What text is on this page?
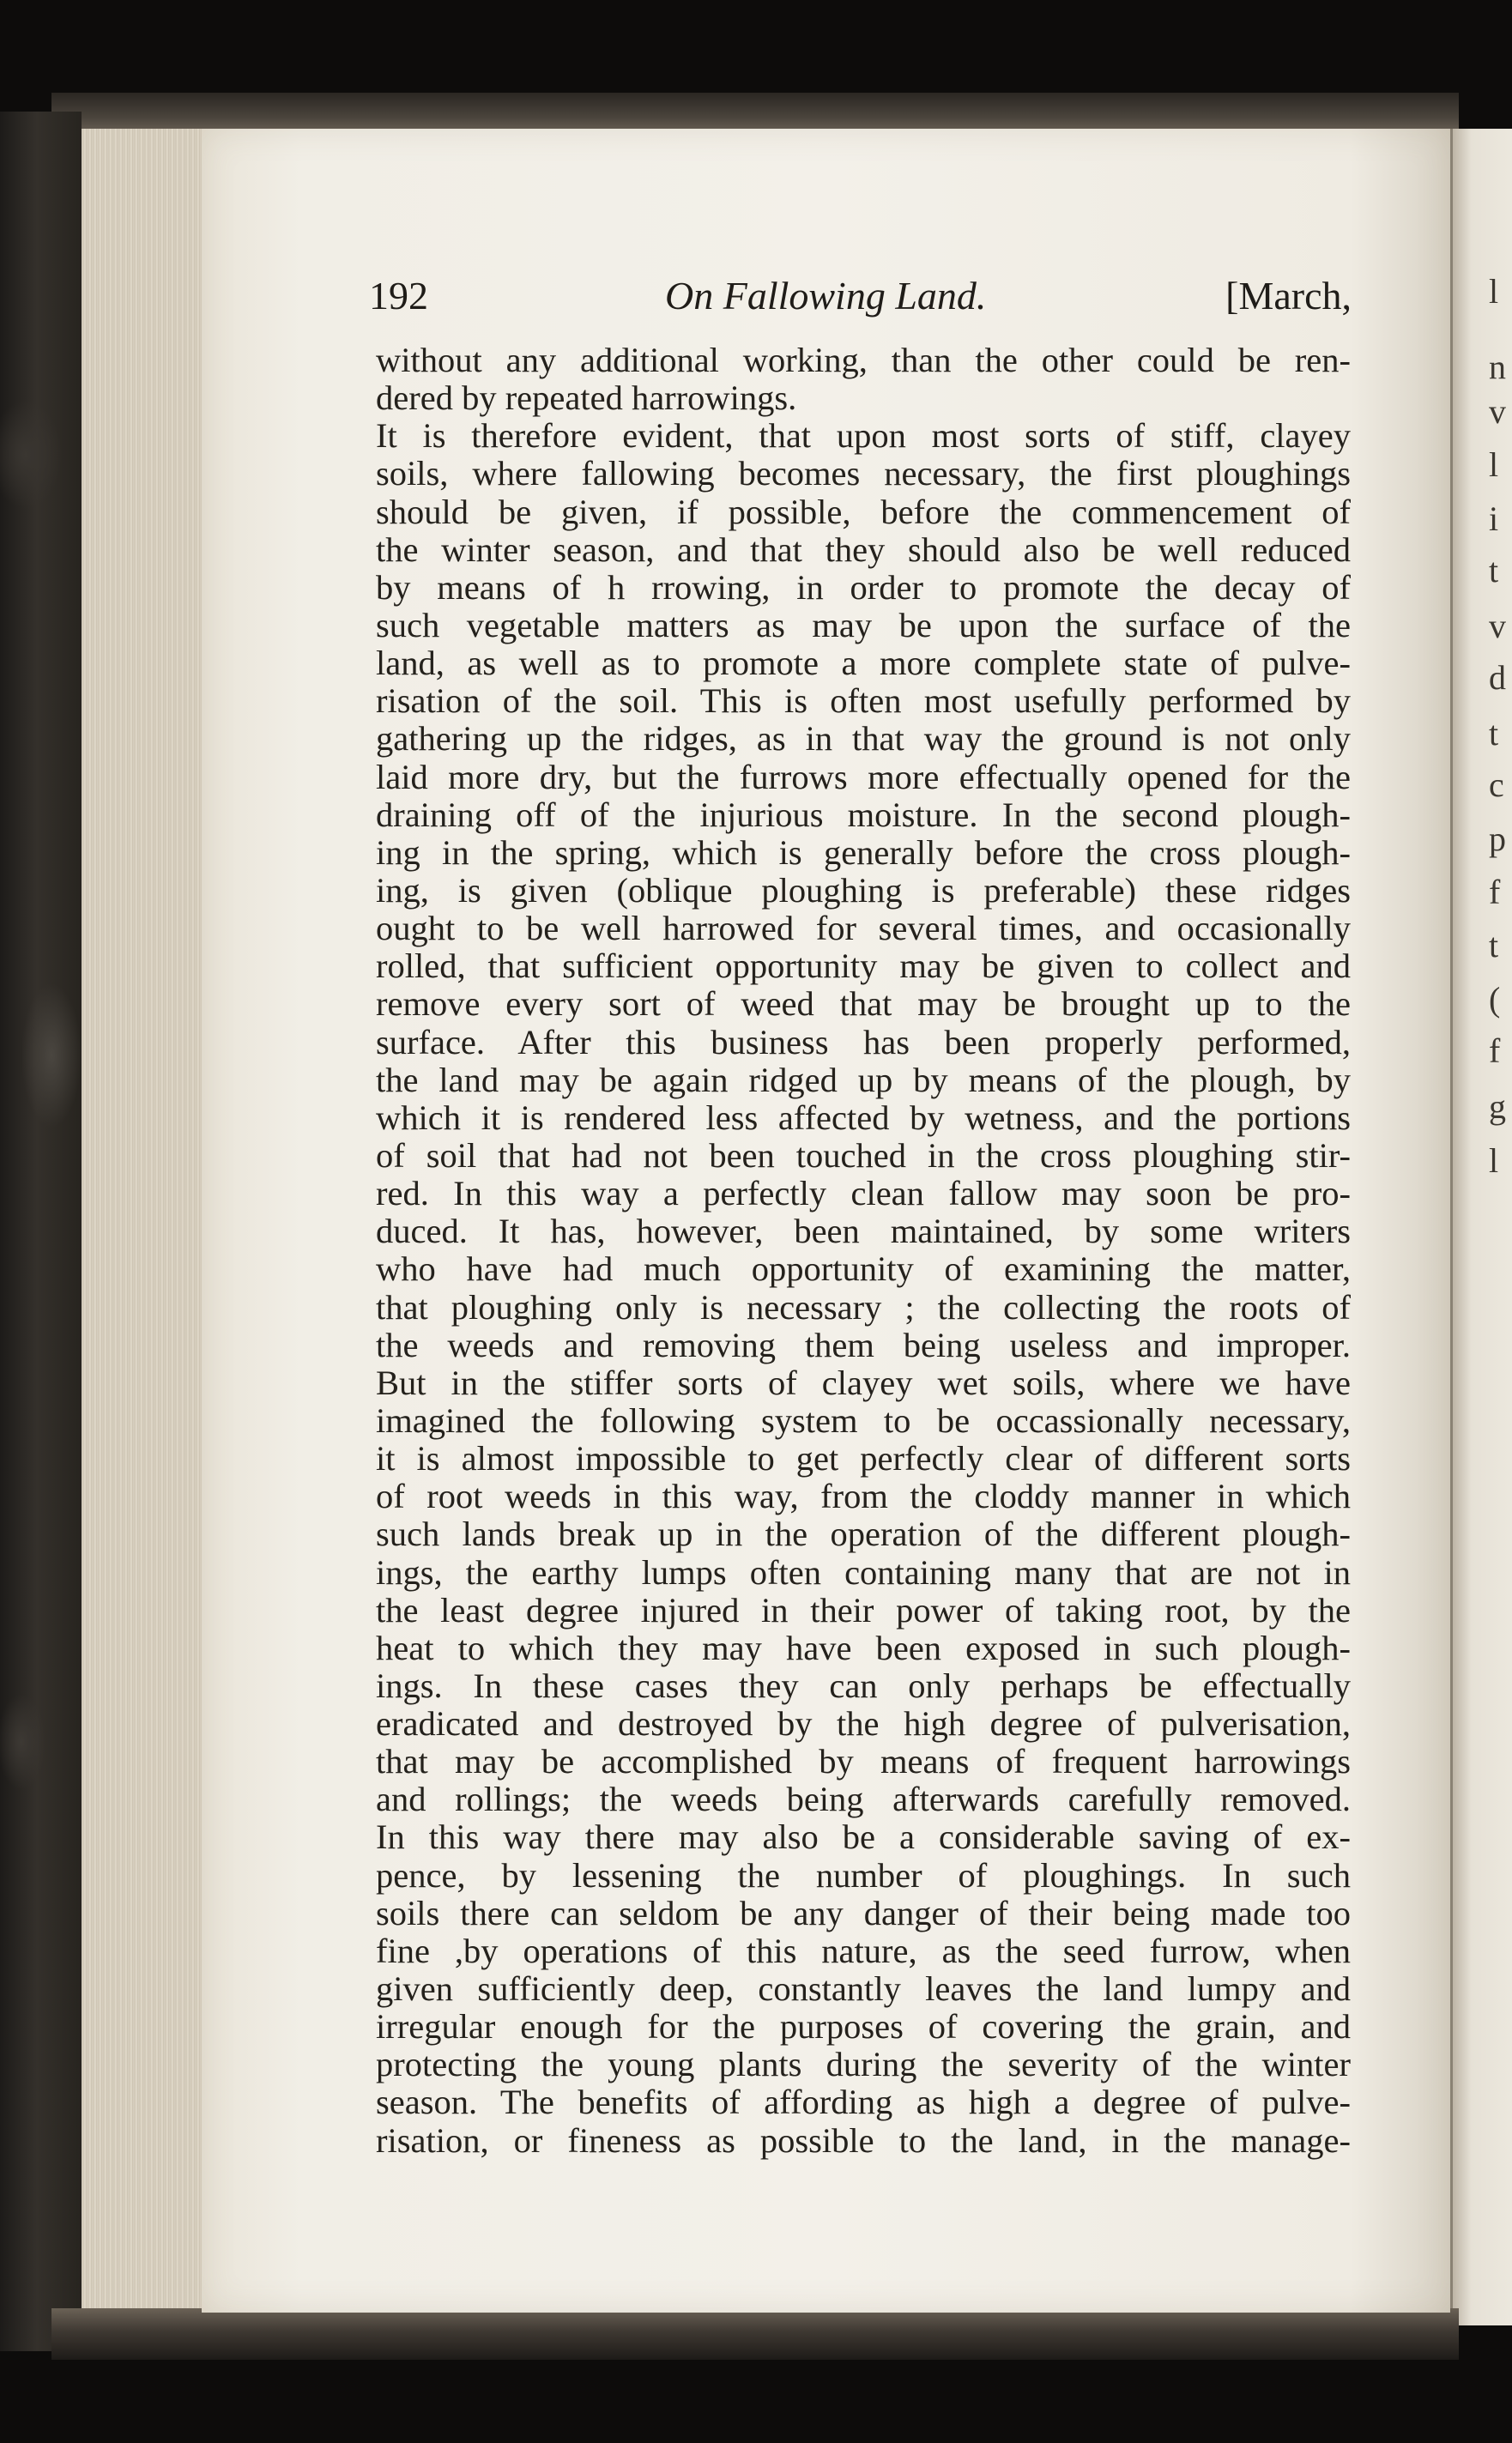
l
n
v
l
i
t
v
d
t
c
p
f
t
(
f
g
l
192	On Fallowing Land.	[March,
without any additional working, than the other could be ren-
dered by repeated harrowings.
It is therefore evident, that upon most sorts of stiff, clayey
soils, where fallowing becomes necessary, the first ploughings
should be given, if possible, before the commencement of
the winter season, and that they should also be well reduced
by means of h rrowing, in order to promote the decay of
such vegetable matters as may be upon the surface of the
land, as well as to promote a more complete state of pulve-
risation of the soil. This is often most usefully performed by
gathering up the ridges, as in that way the ground is not only
laid more dry, but the furrows more effectually opened for the
draining off of the injurious moisture. In the second plough-
ing in the spring, which is generally before the cross plough-
ing, is given (oblique ploughing is preferable) these ridges
ought to be well harrowed for several times, and occasionally
rolled, that sufficient opportunity may be given to collect and
remove every sort of weed that may be brought up to the
surface. After this business has been properly performed,
the land may be again ridged up by means of the plough, by
which it is rendered less affected by wetness, and the portions
of soil that had not been touched in the cross ploughing stir-
red. In this way a perfectly clean fallow may soon be pro-
duced. It has, however, been maintained, by some writers
who have had much opportunity of examining the matter,
that ploughing only is necessary ; the collecting the roots of
the weeds and removing them being useless and improper.
But in the stiffer sorts of clayey wet soils, where we have
imagined the following system to be occassionally necessary,
it is almost impossible to get perfectly clear of different sorts
of root weeds in this way, from the cloddy manner in which
such lands break up in the operation of the different plough-
ings, the earthy lumps often containing many that are not in
the least degree injured in their power of taking root, by the
heat to which they may have been exposed in such plough-
ings. In these cases they can only perhaps be effectually
eradicated and destroyed by the high degree of pulverisation,
that may be accomplished by means of frequent harrowings
and rollings; the weeds being afterwards carefully removed.
In this way there may also be a considerable saving of ex-
pence, by lessening the number of ploughings. In such
soils there can seldom be any danger of their being made too
fine ,by operations of this nature, as the seed furrow, when
given sufficiently deep, constantly leaves the land lumpy and
irregular enough for the purposes of covering the grain, and
protecting the young plants during the severity of the winter
season. The benefits of affording as high a degree of pulve-
risation, or fineness as possible to the land, in the manage-
